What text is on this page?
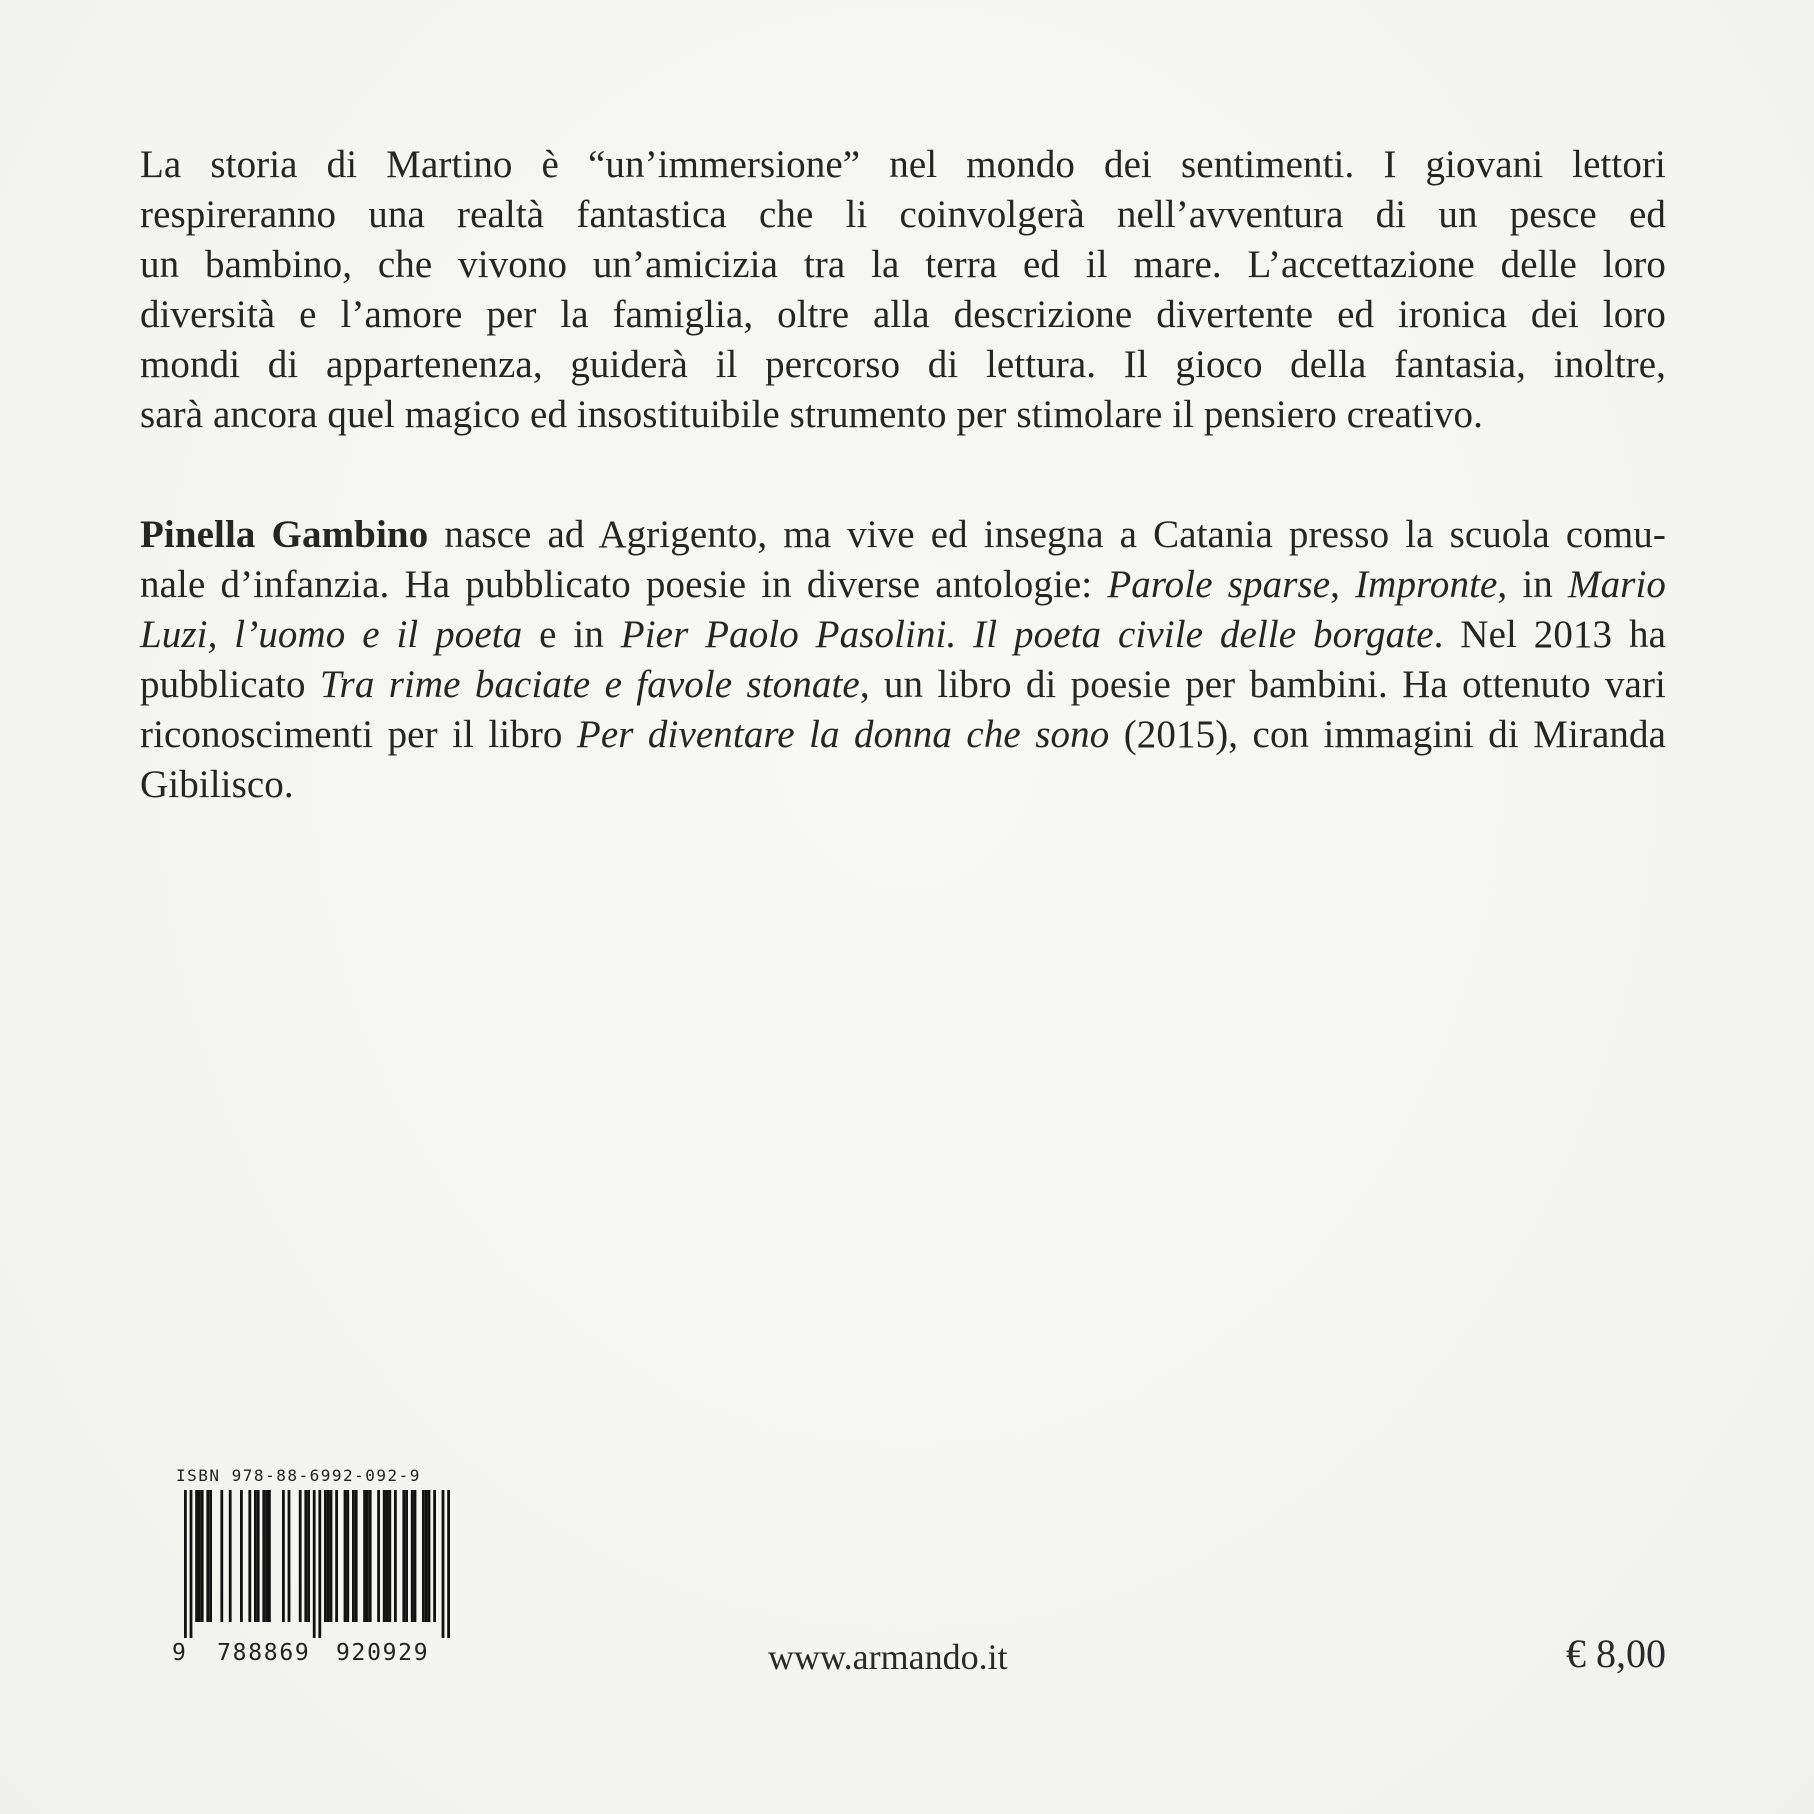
La storia di Martino è “un’immersione” nel mondo dei sentimenti. I giovani lettori
respireranno una realtà fantastica che li coinvolgerà nell’avventura di un pesce ed
un bambino, che vivono un’amicizia tra la terra ed il mare. L’accettazione delle loro
diversità e l’amore per la famiglia, oltre alla descrizione divertente ed ironica dei loro
mondi di appartenenza, guiderà il percorso di lettura. Il gioco della fantasia, inoltre,
sarà ancora quel magico ed insostituibile strumento per stimolare il pensiero creativo.
Pinella Gambino nasce ad Agrigento, ma vive ed insegna a Catania presso la scuola comu-
nale d’infanzia. Ha pubblicato poesie in diverse antologie: Parole sparse, Impronte, in Mario
Luzi, l’uomo e il poeta e in Pier Paolo Pasolini. Il poeta civile delle borgate. Nel 2013 ha
pubblicato Tra rime baciate e favole stonate, un libro di poesie per bambini. Ha ottenuto vari
riconoscimenti per il libro Per diventare la donna che sono (2015), con immagini di Miranda
Gibilisco.
ISBN 978-88-6992-092-9
9 788869 920929	www.armando.it	€ 8,00
